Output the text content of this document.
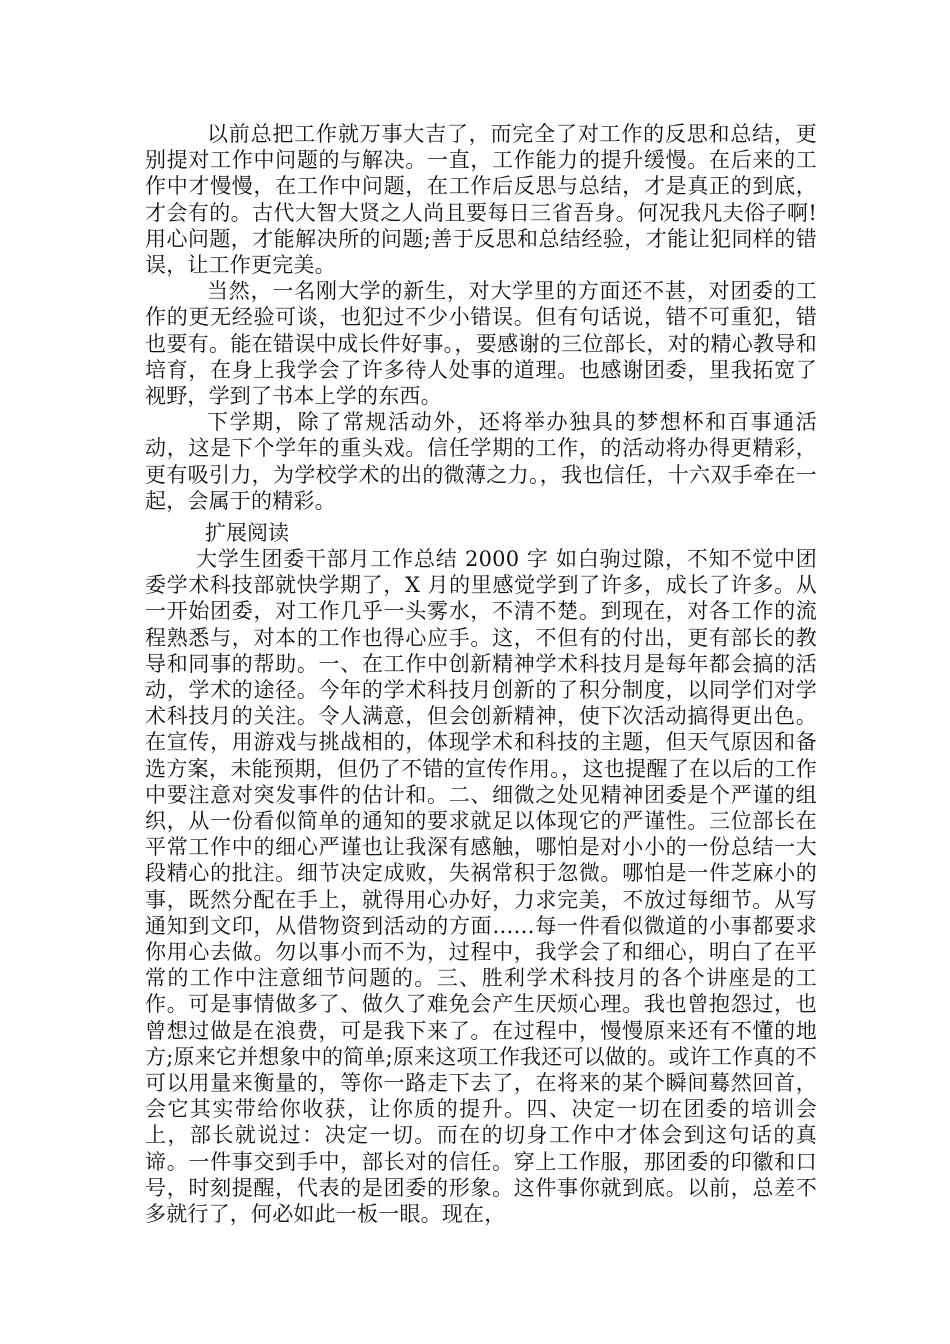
以前总把工作就万事大吉了，而完全了对工作的反思和总结，更别提对工作中问题的与解决。一直，工作能力的提升缓慢。在后来的工作中才慢慢，在工作中问题，在工作后反思与总结，才是真正的到底，才会有的。古代大智大贤之人尚且要每日三省吾身。何况我凡夫俗子啊!用心问题，才能解决所的问题;善于反思和总结经验，才能让犯同样的错误，让工作更完美。

当然，一名刚大学的新生，对大学里的方面还不甚，对团委的工作的更无经验可谈，也犯过不少小错误。但有句话说，错不可重犯，错也要有。能在错误中成长件好事。，要感谢的三位部长，对的精心教导和培育，在身上我学会了许多待人处事的道理。也感谢团委，里我拓宽了视野，学到了书本上学的东西。

下学期，除了常规活动外，还将举办独具的梦想杯和百事通活动，这是下个学年的重头戏。信任学期的工作，的活动将办得更精彩，更有吸引力，为学校学术的出的微薄之力。，我也信任，十六双手牵在一起，会属于的精彩。

扩展阅读

大学生团委干部月工作总结 2000 字 如白驹过隙，不知不觉中团委学术科技部就快学期了，X 月的里感觉学到了许多，成长了许多。从一开始团委，对工作几乎一头雾水，不清不楚。到现在，对各工作的流程熟悉与，对本的工作也得心应手。这，不但有的付出，更有部长的教导和同事的帮助。一、在工作中创新精神学术科技月是每年都会搞的活动，学术的途径。今年的学术科技月创新的了积分制度，以同学们对学术科技月的关注。令人满意，但会创新精神，使下次活动搞得更出色。在宣传，用游戏与挑战相的，体现学术和科技的主题，但天气原因和备选方案，未能预期，但仍了不错的宣传作用。，这也提醒了在以后的工作中要注意对突发事件的估计和。二、细微之处见精神团委是个严谨的组织，从一份看似简单的通知的要求就足以体现它的严谨性。三位部长在平常工作中的细心严谨也让我深有感触，哪怕是对小小的一份总结一大段精心的批注。细节决定成败，失祸常积于忽微。哪怕是一件芝麻小的事，既然分配在手上，就得用心办好，力求完美，不放过每细节。从写通知到文印，从借物资到活动的方面……每一件看似微道的小事都要求你用心去做。勿以事小而不为，过程中，我学会了和细心，明白了在平常的工作中注意细节问题的。三、胜利学术科技月的各个讲座是的工作。可是事情做多了、做久了难免会产生厌烦心理。我也曾抱怨过，也曾想过做是在浪费，可是我下来了。在过程中，慢慢原来还有不懂的地方;原来它并想象中的简单;原来这项工作我还可以做的。或许工作真的不可以用量来衡量的，等你一路走下去了，在将来的某个瞬间蓦然回首，会它其实带给你收获，让你质的提升。四、决定一切在团委的培训会上，部长就说过：决定一切。而在的切身工作中才体会到这句话的真谛。一件事交到手中，部长对的信任。穿上工作服，那团委的印徽和口号，时刻提醒，代表的是团委的形象。这件事你就到底。以前，总差不多就行了，何必如此一板一眼。现在，
